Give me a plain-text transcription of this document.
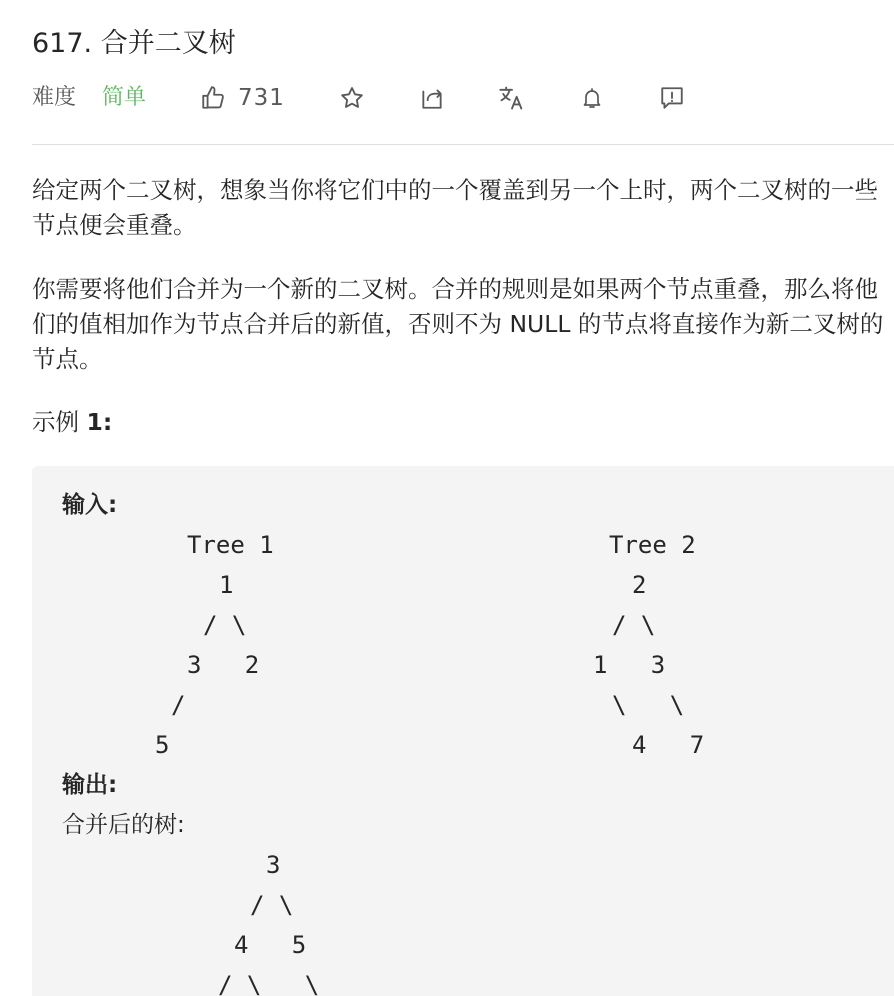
617. 合并二叉树
难度 简单	731

给定两个二叉树，想象当你将它们中的一个覆盖到另一个上时，两个二叉树的一些节点便会重叠。

你需要将他们合并为一个新的二叉树。合并的规则是如果两个节点重叠，那么将他们的值相加作为节点合并后的新值，否则不为 NULL 的节点将直接作为新二叉树的节点。

示例 1:
输入:
Tree 1
1
/ \
3   2
/
5
Tree 2
2
/ \
1   3
\   \
4   7
输出:
合并后的树:
3
/ \
4   5
/ \   \
